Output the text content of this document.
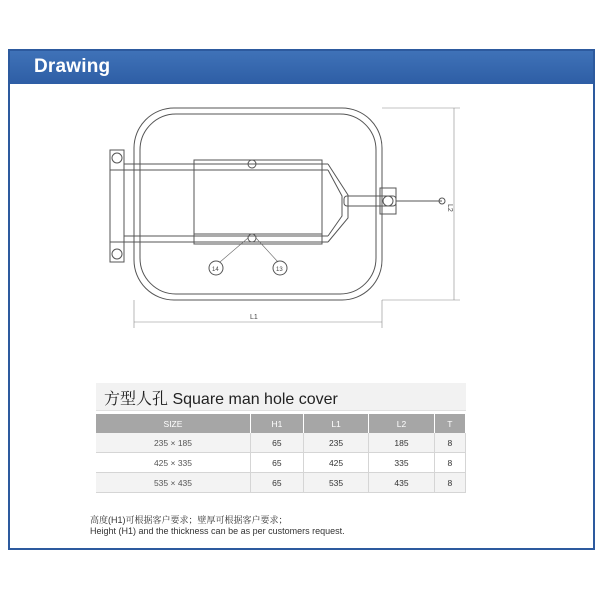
Drawing
L1
L2
14	13
方型人孔 Square man hole cover
SIZE	H1	L1	L2	T
235 × 185	65	235	185	8
425 × 335	65	425	335	8
535 × 435	65	535	435	8
高度(H1)可根据客户要求；壁厚可根据客户要求；
Height (H1) and the thickness can be as per customers request.
